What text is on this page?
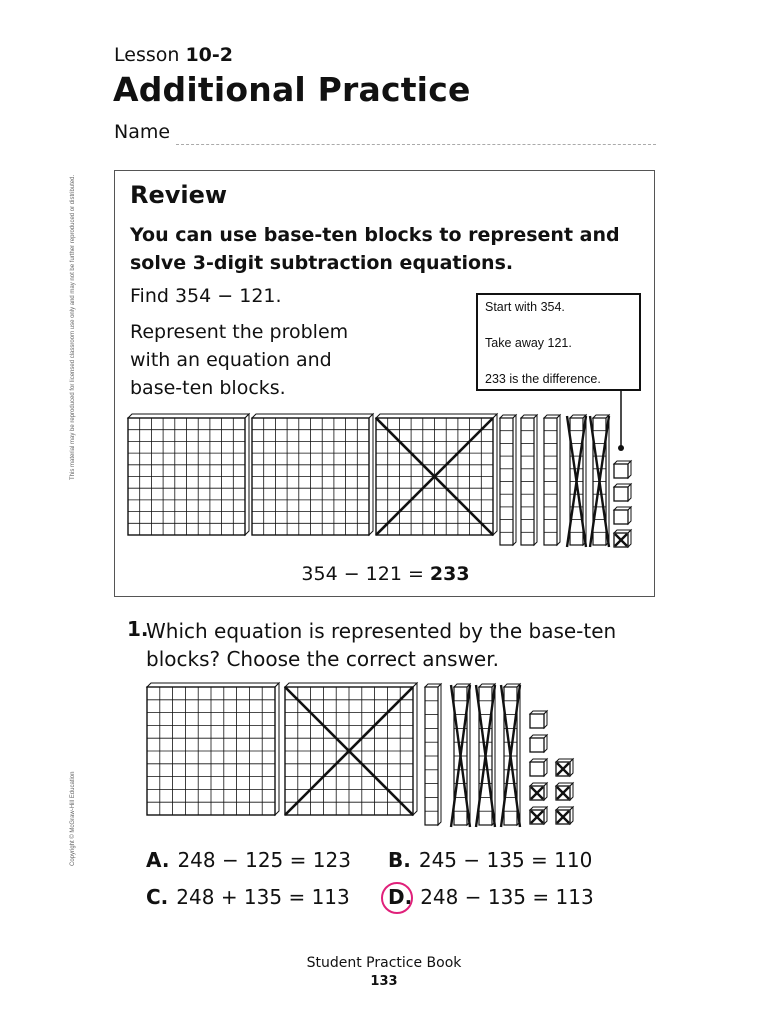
This material may be reproduced for licensed classroom use only and may not be further reproduced or distributed.
Copyright © McGraw-Hill Education
Lesson 10-2
Additional Practice
Name
Review
You can use base-ten blocks to represent and solve 3-digit subtraction equations.
Find 354 − 121.
Represent the problem with an equation and base-ten blocks.
Start with 354.
Take away 121.
233 is the difference.
354 − 121 = 233
1.
Which equation is represented by the base-ten blocks? Choose the correct answer.
A. 248 − 125 = 123 B. 245 − 135 = 110
C. 248 + 135 = 113 D. 248 − 135 = 113
Student Practice Book
133
